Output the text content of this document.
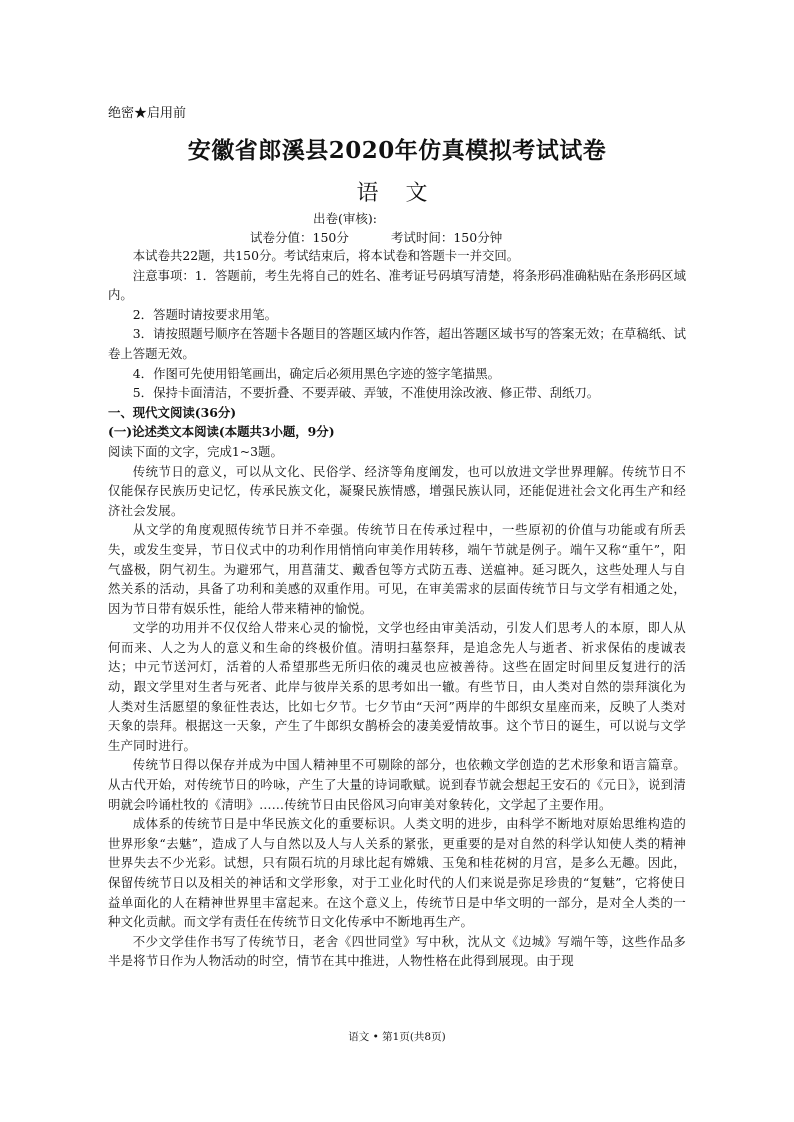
绝密★启用前
安徽省郎溪县2020年仿真模拟考试试卷
语 文
出卷(审核):
试卷分值：150分	考试时间：150分钟

本试卷共22题，共150分。考试结束后，将本试卷和答题卡一并交回。

注意事项：1．答题前，考生先将自己的姓名、准考证号码填写清楚，将条形码准确粘贴在条形码区域内。

2．答题时请按要求用笔。

3．请按照题号顺序在答题卡各题目的答题区域内作答，超出答题区域书写的答案无效；在草稿纸、试卷上答题无效。

4．作图可先使用铅笔画出，确定后必须用黑色字迹的签字笔描黑。

5．保持卡面清洁，不要折叠、不要弄破、弄皱，不准使用涂改液、修正带、刮纸刀。

一、现代文阅读(36分)

(一)论述类文本阅读(本题共3小题，9分)

阅读下面的文字，完成1~3题。

传统节日的意义，可以从文化、民俗学、经济等角度阐发，也可以放进文学世界理解。传统节日不仅能保存民族历史记忆，传承民族文化，凝聚民族情感，增强民族认同，还能促进社会文化再生产和经济社会发展。

从文学的角度观照传统节日并不牵强。传统节日在传承过程中，一些原初的价值与功能或有所丢失，或发生变异，节日仪式中的功利作用悄悄向审美作用转移，端午节就是例子。端午又称“重午”，阳气盛极，阴气初生。为避邪气，用菖蒲艾、戴香包等方式防五毒、送瘟神。延习既久，这些处理人与自然关系的活动，具备了功利和美感的双重作用。可见，在审美需求的层面传统节日与文学有相通之处，因为节日带有娱乐性，能给人带来精神的愉悦。

文学的功用并不仅仅给人带来心灵的愉悦，文学也经由审美活动，引发人们思考人的本原，即人从何而来、人之为人的意义和生命的终极价值。清明扫墓祭拜，是追念先人与逝者、祈求保佑的虔诚表达；中元节送河灯，活着的人希望那些无所归依的魂灵也应被善待。这些在固定时间里反复进行的活动，跟文学里对生者与死者、此岸与彼岸关系的思考如出一辙。有些节日，由人类对自然的崇拜演化为人类对生活愿望的象征性表达，比如七夕节。七夕节由“天河”两岸的牛郎织女星座而来，反映了人类对天象的崇拜。根据这一天象，产生了牛郎织女鹊桥会的凄美爱情故事。这个节日的诞生，可以说与文学生产同时进行。

传统节日得以保存并成为中国人精神里不可剔除的部分，也依赖文学创造的艺术形象和语言篇章。从古代开始，对传统节日的吟咏，产生了大量的诗词歌赋。说到春节就会想起王安石的《元日》，说到清明就会吟诵杜牧的《清明》……传统节日由民俗风习向审美对象转化，文学起了主要作用。

成体系的传统节日是中华民族文化的重要标识。人类文明的进步，由科学不断地对原始思维构造的世界形象“去魅”，造成了人与自然以及人与人关系的紧张，更重要的是对自然的科学认知使人类的精神世界失去不少光彩。试想，只有陨石坑的月球比起有嫦娥、玉兔和桂花树的月宫，是多么无趣。因此，保留传统节日以及相关的神话和文学形象，对于工业化时代的人们来说是弥足珍贵的“复魅”，它将使日益单面化的人在精神世界里丰富起来。在这个意义上，传统节日是中华文明的一部分，是对全人类的一种文化贡献。而文学有责任在传统节日文化传承中不断地再生产。

不少文学佳作书写了传统节日，老舍《四世同堂》写中秋，沈从文《边城》写端午等，这些作品多半是将节日作为人物活动的时空，情节在其中推进，人物性格在此得到展现。由于现

语文 • 第1页(共8页)
